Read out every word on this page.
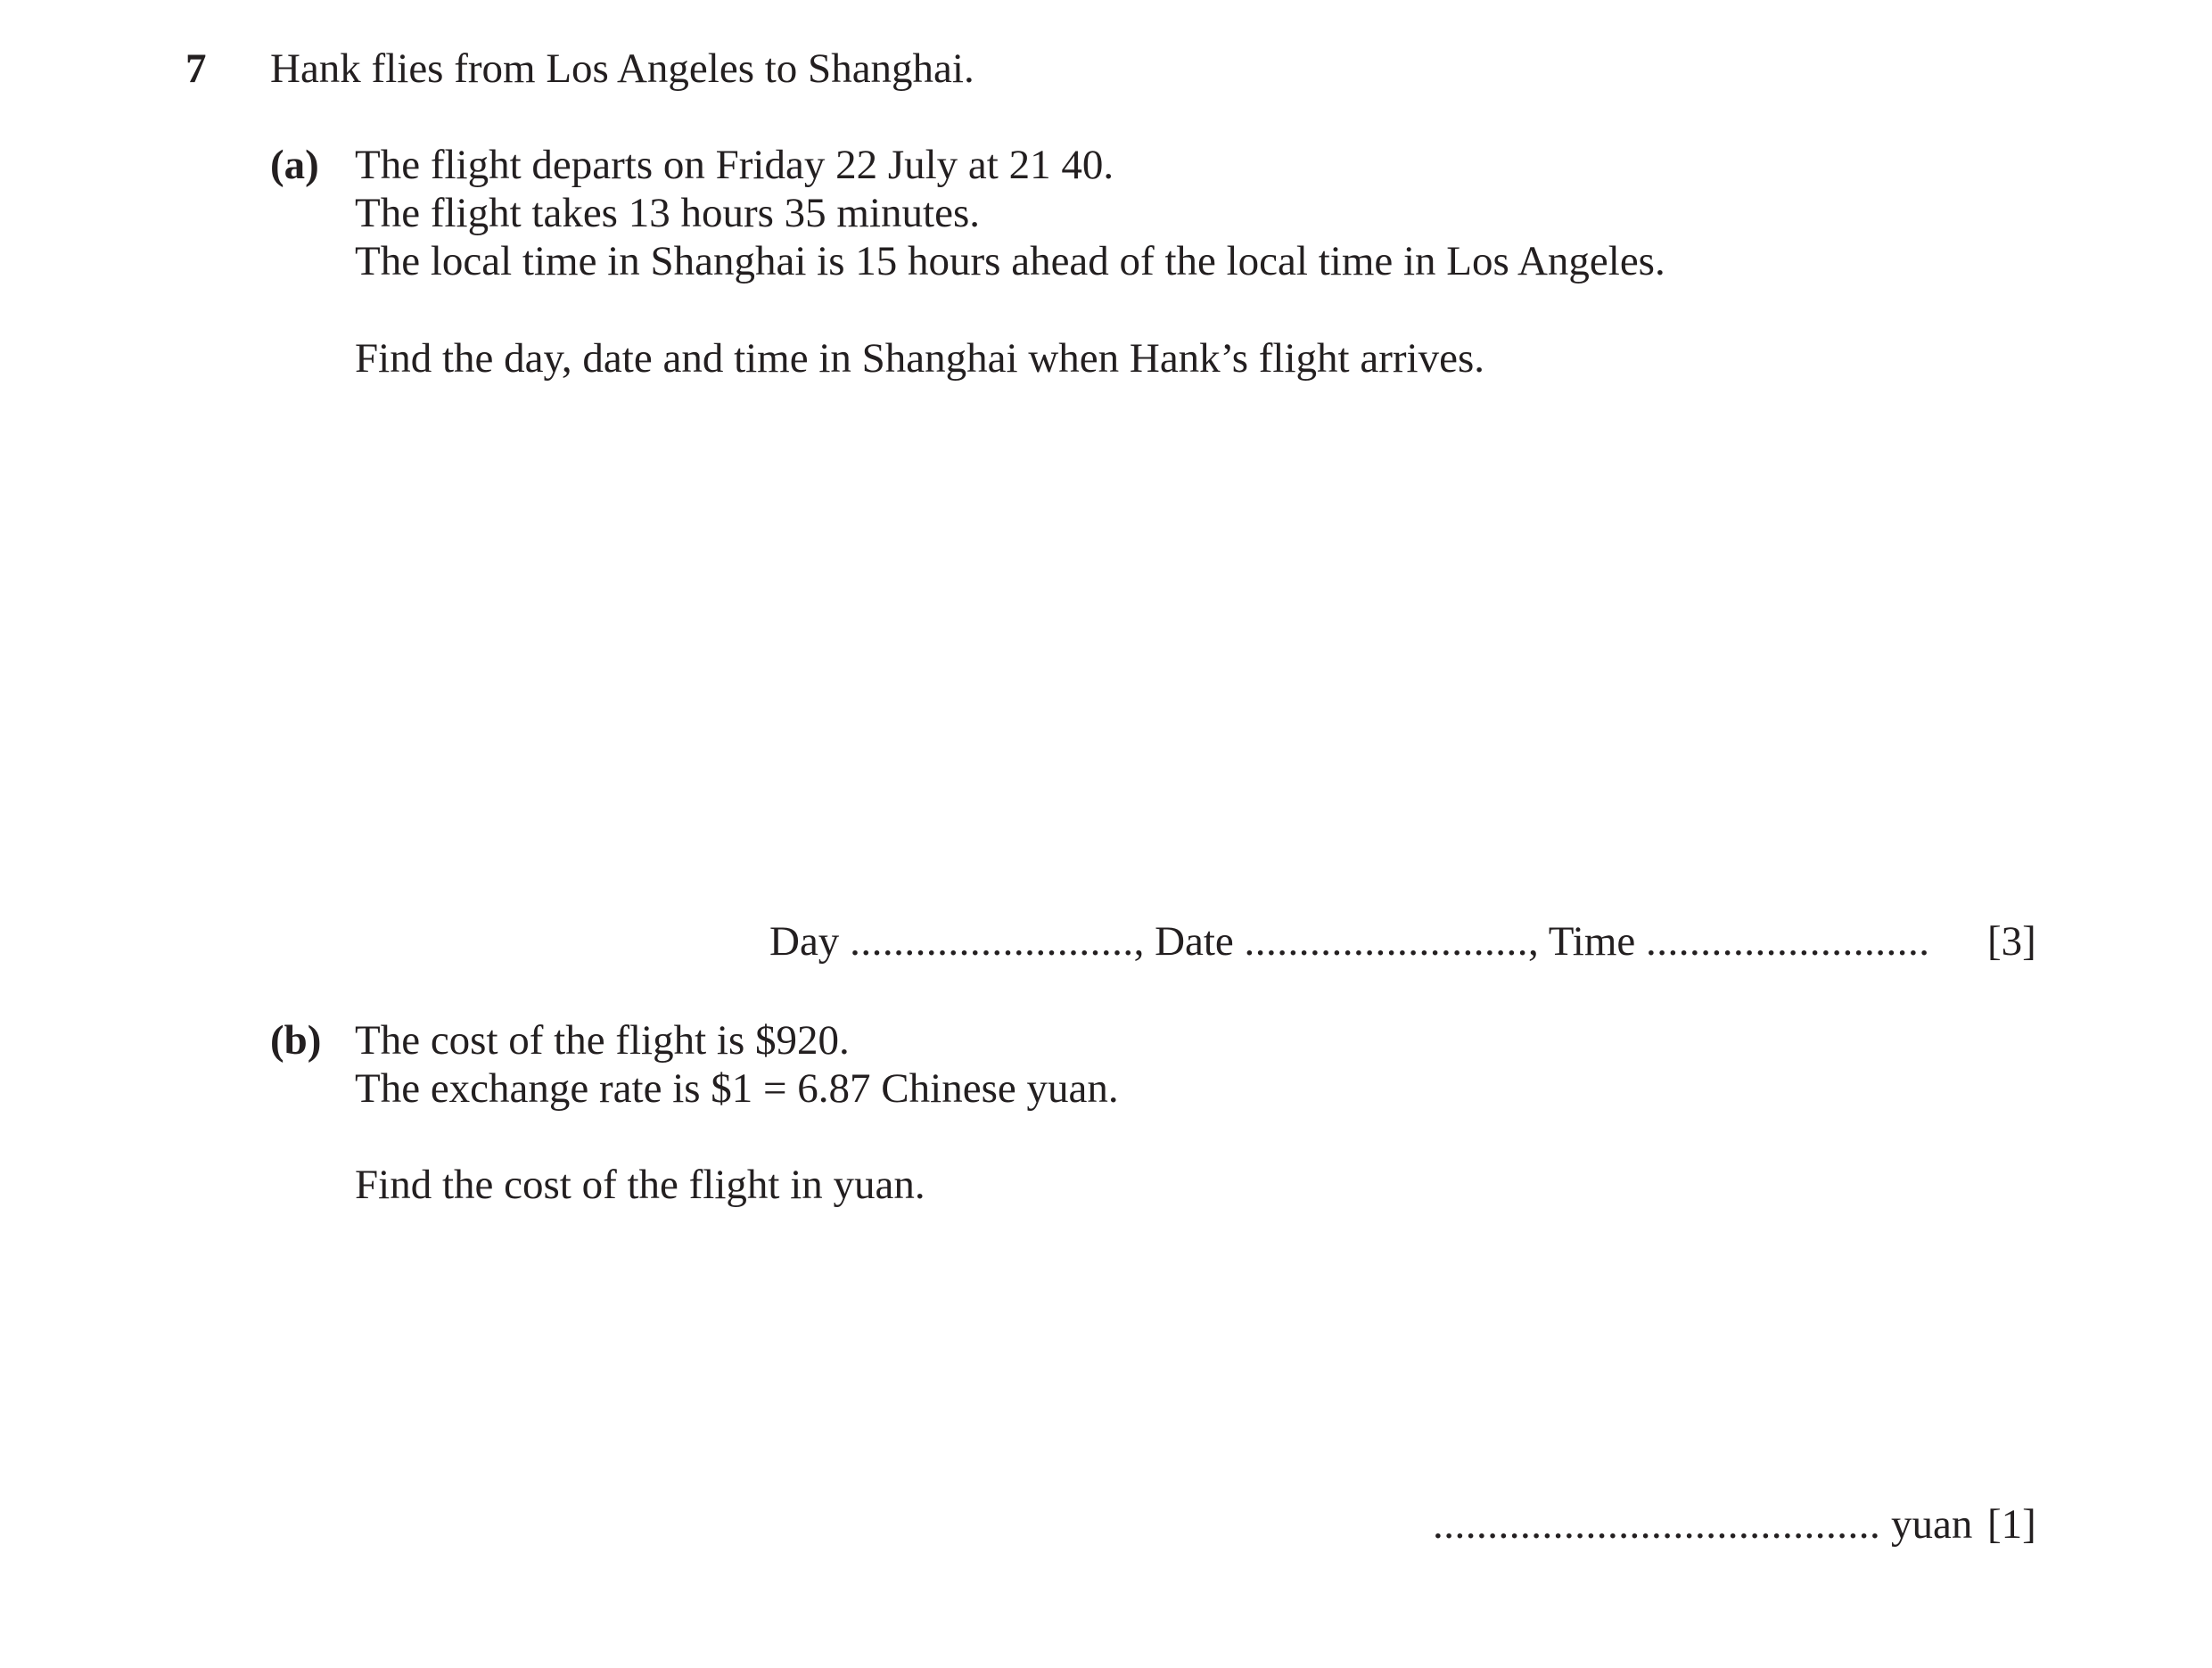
7 Hank flies from Los Angeles to Shanghai.
(a) The flight departs on Friday 22 July at 21 40.
The flight takes 13 hours 35 minutes.
The local time in Shanghai is 15 hours ahead of the local time in Los Angeles.
Find the day, date and time in Shanghai when Hank’s flight arrives.
Day .........................., Date .........................., Time .......................... [3]
(b) The cost of the flight is $920.
The exchange rate is $1 = 6.87 Chinese yuan.
Find the cost of the flight in yuan.
......................................... yuan [1]
